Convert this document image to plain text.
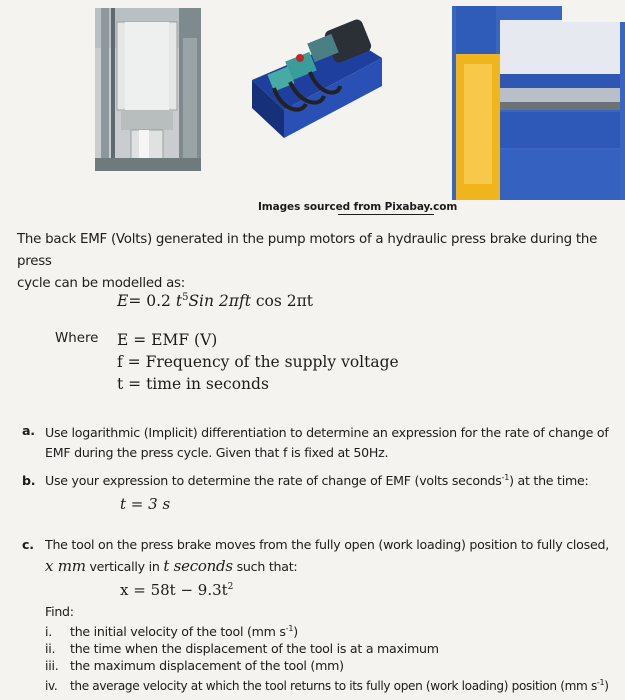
Images sourced from Pixabay.com
The back EMF (Volts) generated in the pump motors of a hydraulic press brake during the press
cycle can be modelled as:
E= 0.2 $t^5Sin$ 2πft cos 2πt
Where E = EMF (V)
f = Frequency of the supply voltage
t = time in seconds
a. Use logarithmic (Implicit) differentiation to determine an expression for the rate of change of
EMF during the press cycle. Given that f is fixed at 50Hz.
b. Use your expression to determine the rate of change of EMF (volts seconds$^{-1}$) at the time:
t = 3 s
c. The tool on the press brake moves from the fully open (work loading) position to fully closed,
x mm vertically in t seconds such that:
$x = 58t - 9.3t^2$
Find:
i. the initial velocity of the tool (mm $s^{-1}$)
ii. the time when the displacement of the tool is at a maximum
iii. the maximum displacement of the tool (mm)
iv. the average velocity at which the tool returns to its fully open (work loading) position (mm $s^{-1}$)
